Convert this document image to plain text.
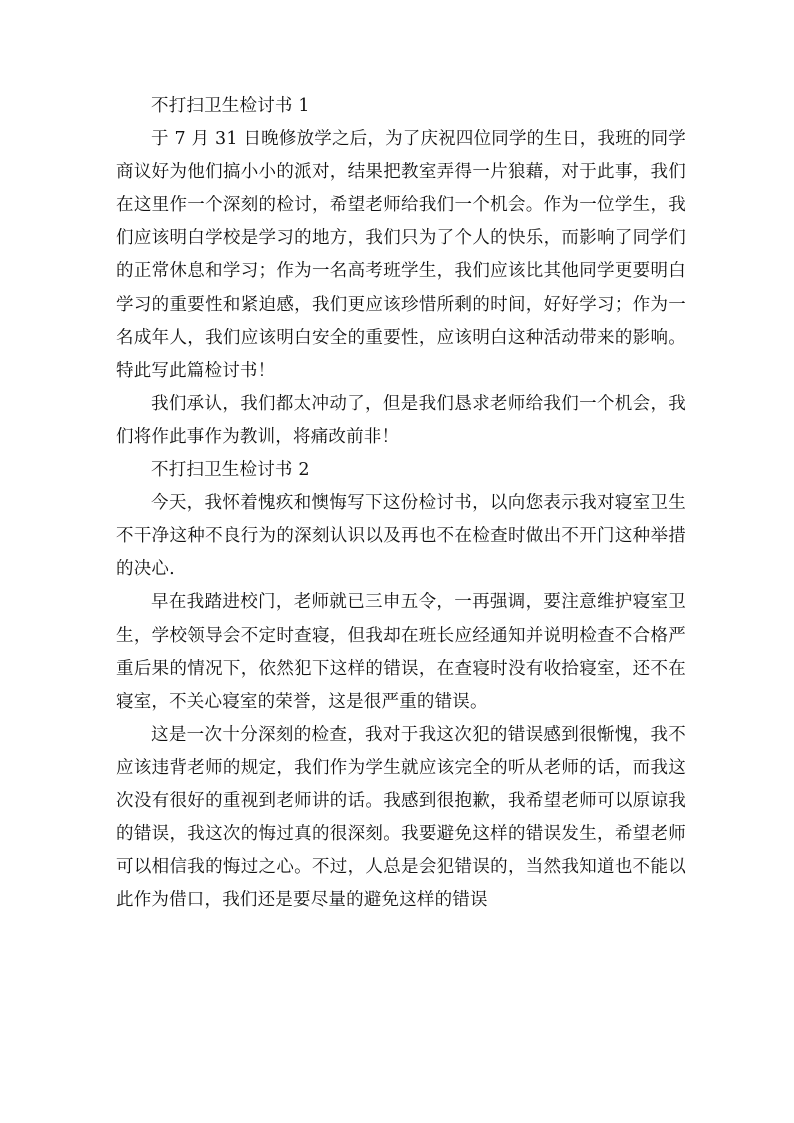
不打扫卫生检讨书 1

于 7 月 31 日晚修放学之后，为了庆祝四位同学的生日，我班的同学商议好为他们搞小小的派对，结果把教室弄得一片狼藉，对于此事，我们在这里作一个深刻的检讨，希望老师给我们一个机会。作为一位学生，我们应该明白学校是学习的地方，我们只为了个人的快乐，而影响了同学们的正常休息和学习；作为一名高考班学生，我们应该比其他同学更要明白学习的重要性和紧迫感，我们更应该珍惜所剩的时间，好好学习；作为一名成年人，我们应该明白安全的重要性，应该明白这种活动带来的影响。特此写此篇检讨书！

我们承认，我们都太冲动了，但是我们恳求老师给我们一个机会，我们将作此事作为教训，将痛改前非！

不打扫卫生检讨书 2

今天，我怀着愧疚和懊悔写下这份检讨书，以向您表示我对寝室卫生不干净这种不良行为的深刻认识以及再也不在检查时做出不开门这种举措的决心.

早在我踏进校门，老师就已三申五令，一再强调，要注意维护寝室卫生，学校领导会不定时查寝，但我却在班长应经通知并说明检查不合格严重后果的情况下，依然犯下这样的错误，在查寝时没有收拾寝室，还不在寝室，不关心寝室的荣誉，这是很严重的错误。

这是一次十分深刻的检查，我对于我这次犯的错误感到很惭愧，我不应该违背老师的规定，我们作为学生就应该完全的听从老师的话，而我这次没有很好的重视到老师讲的话。我感到很抱歉，我希望老师可以原谅我的错误，我这次的悔过真的很深刻。我要避免这样的错误发生，希望老师可以相信我的悔过之心。不过，人总是会犯错误的，当然我知道也不能以此作为借口，我们还是要尽量的避免这样的错误
